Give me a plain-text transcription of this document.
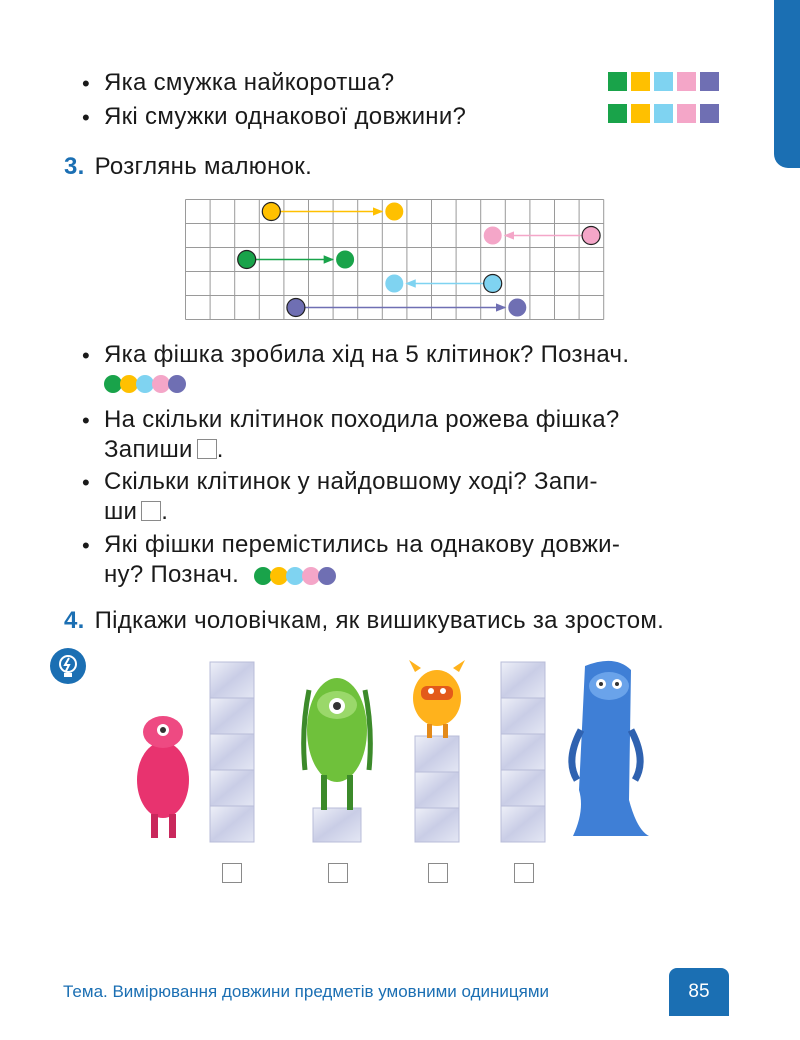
• Яка смужка найкоротша?
• Які смужки однакової довжини?
3. Розглянь малюнок.
• Яка фішка зробила хід на 5 клітинок? Познач.
• На скільки клітинок походила рожева фішка?
Запиши .
• Скільки клітинок у найдовшому ході? Запи-
ши .
• Які фішки перемістились на однакову довжи-
ну? Познач.
4. Підкажи чоловічкам, як вишикуватись за зростом.
Тема. Вимірювання довжини предметів умовними одиницями	85
